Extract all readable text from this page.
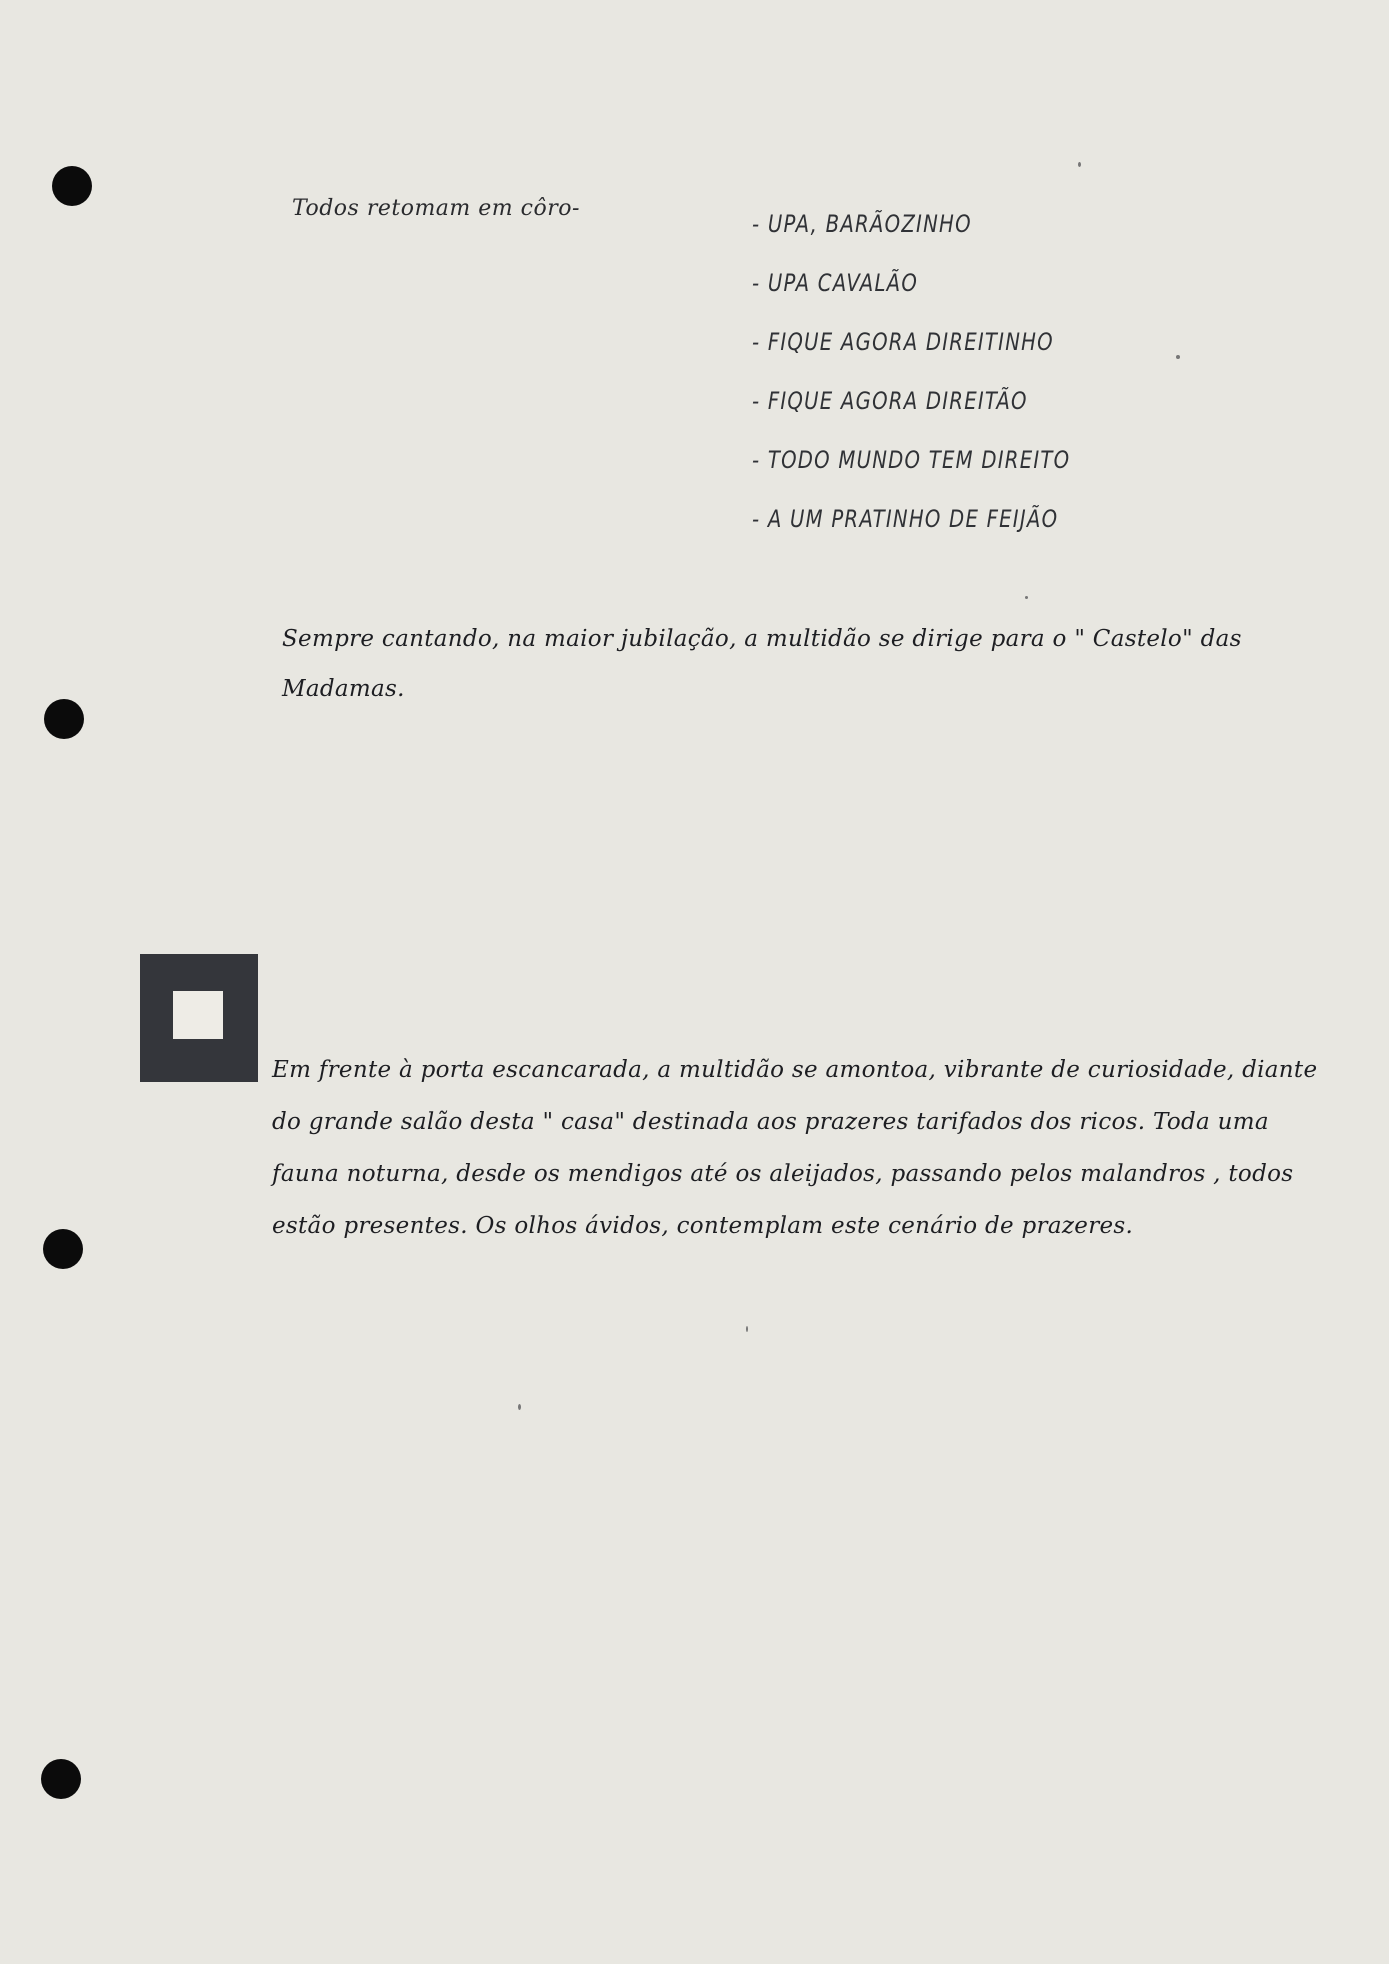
Todos retomam em côro-
- UPA, BARÃOZINHO
- UPA CAVALÃO
- FIQUE AGORA DIREITINHO
- FIQUE AGORA DIREITÃO
- TODO MUNDO TEM DIREITO
- A UM PRATINHO DE FEIJÃO

Sempre cantando, na maior jubilação, a multidão se dirige para o " Castelo" das Madamas.

Em frente à porta escancarada, a multidão se amontoa, vibrante de curiosidade, diante do grande salão desta " casa" destinada aos prazeres tarifados dos ricos. Toda uma fauna noturna, desde os mendigos até os aleijados, passando pelos malandros , todos estão presentes. Os olhos ávidos, contemplam este cenário de prazeres.
